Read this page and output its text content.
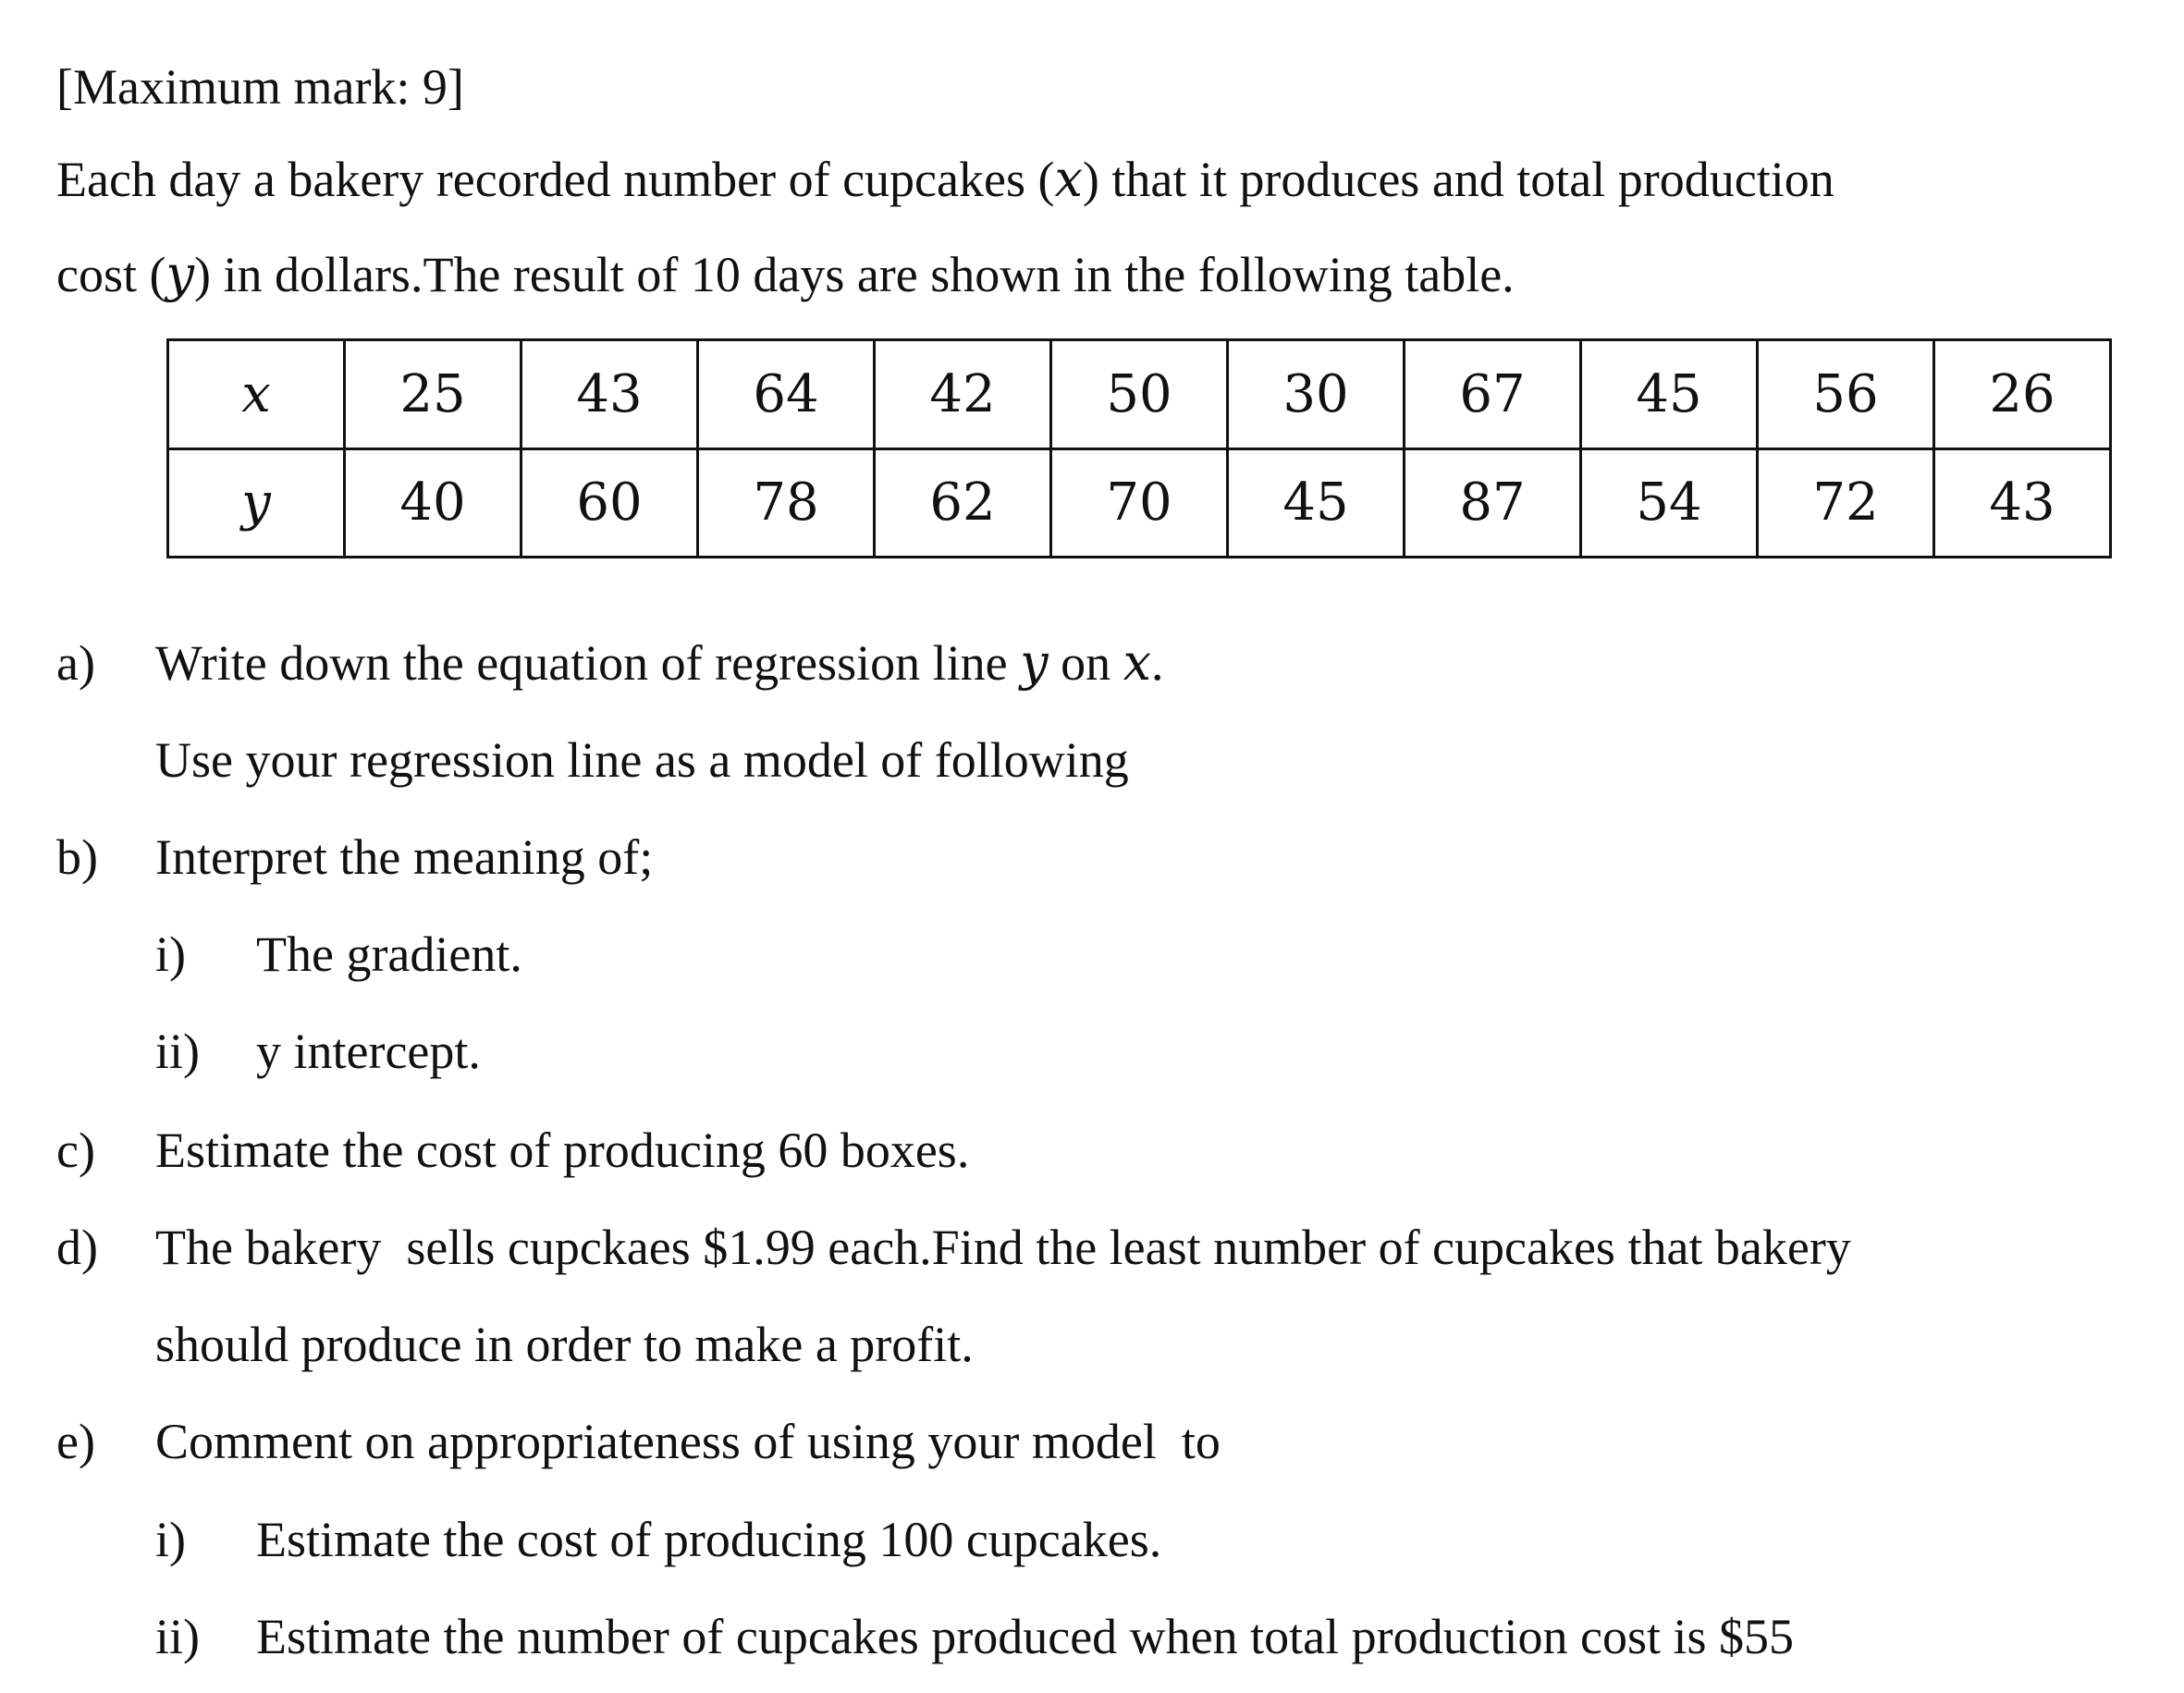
[Maximum mark: 9]
Each day a bakery recorded number of cupcakes (x) that it produces and total production
cost (y) in dollars.The result of 10 days are shown in the following table.
x	25	43	64	42	50	30	67	45	56	26
y	40	60	78	62	70	45	87	54	72	43
a) Write down the equation of regression line y on x.
Use your regression line as a model of following
b) Interpret the meaning of;
i) The gradient.
ii) y intercept.
c) Estimate the cost of producing 60 boxes.
d) The bakery  sells cupckaes $1.99 each.Find the least number of cupcakes that bakery
should produce in order to make a profit.
e) Comment on appropriateness of using your model  to
i) Estimate the cost of producing 100 cupcakes.
ii) Estimate the number of cupcakes produced when total production cost is $55
